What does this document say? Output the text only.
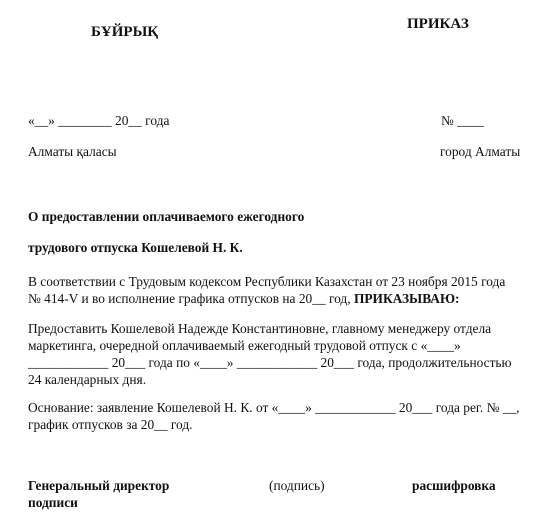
БҰЙРЫҚ	ПРИКАЗ
«__» ________ 20__ года	№ ____
Алматы қаласы	город Алматы
О предоставлении оплачиваемого ежегодного
трудового отпуска Кошелевой Н. К.
В соответствии с Трудовым кодексом Республики Казахстан от 23 ноября 2015 года
№ 414-V и во исполнение графика отпусков на 20__ год, ПРИКАЗЫВАЮ:
Предоставить Кошелевой Надежде Константиновне, главному менеджеру отдела
маркетинга, очередной оплачиваемый ежегодный трудовой отпуск с «____»
____________ 20___ года по «____» ____________ 20___ года, продолжительностью
24 календарных дня.
Основание: заявление Кошелевой Н. К. от «____» ____________ 20___ года рег. № __,
график отпусков за 20__ год.
Генеральный директор	(подпись)	расшифровка
подписи
